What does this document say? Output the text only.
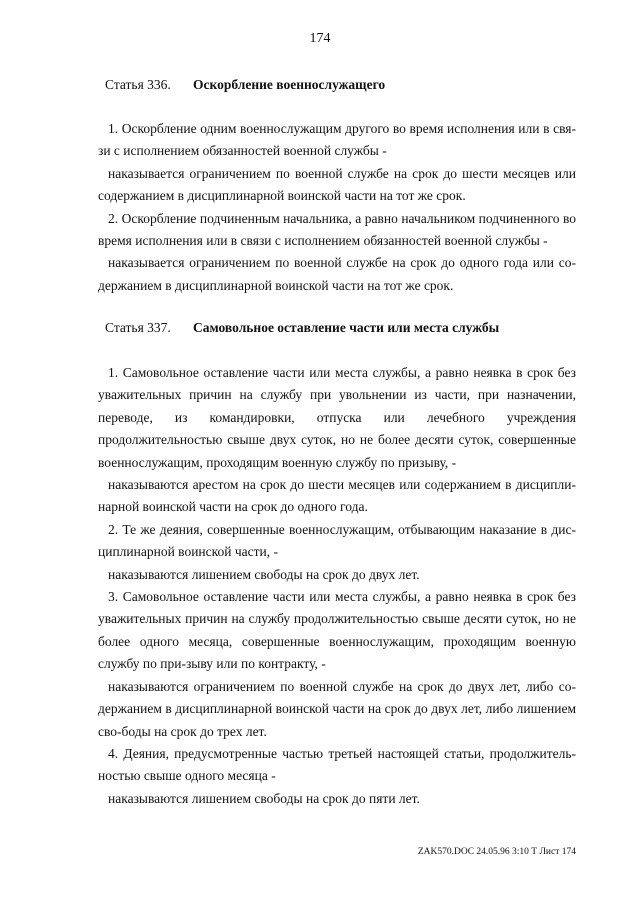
174
Статья 336. Оскорбление военнослужащего

1. Оскорбление одним военнослужащим другого во время исполнения или в свя-зи с исполнением обязанностей военной службы -

наказывается ограничением по военной службе на срок до шести месяцев или содержанием в дисциплинарной воинской части на тот же срок.

2. Оскорбление подчиненным начальника, а равно начальником подчиненного во время исполнения или в связи с исполнением обязанностей военной службы -

наказывается ограничением по военной службе на срок до одного года или со-держанием в дисциплинарной воинской части на тот же срок.

Статья 337. Самовольное оставление части или места службы

1. Самовольное оставление части или места службы, а равно неявка в срок без уважительных причин на службу при увольнении из части, при назначении, переводе, из командировки, отпуска или лечебного учреждения продолжительностью свыше двух суток, но не более десяти суток, совершенные военнослужащим, проходящим военную службу по призыву, -

наказываются арестом на срок до шести месяцев или содержанием в дисципли-нарной воинской части на срок до одного года.

2. Те же деяния, совершенные военнослужащим, отбывающим наказание в дис-циплинарной воинской части, -

наказываются лишением свободы на срок до двух лет.

3. Самовольное оставление части или места службы, а равно неявка в срок без уважительных причин на службу продолжительностью свыше десяти суток, но не более одного месяца, совершенные военнослужащим, проходящим военную службу по при-зыву или по контракту, -

наказываются ограничением по военной службе на срок до двух лет, либо со-держанием в дисциплинарной воинской части на срок до двух лет, либо лишением сво-боды на срок до трех лет.

4. Деяния, предусмотренные частью третьей настоящей статьи, продолжитель-ностью свыше одного месяца -

наказываются лишением свободы на срок до пяти лет.

ZAK570.DOC 24.05.96 3:10 Т Лист 174
